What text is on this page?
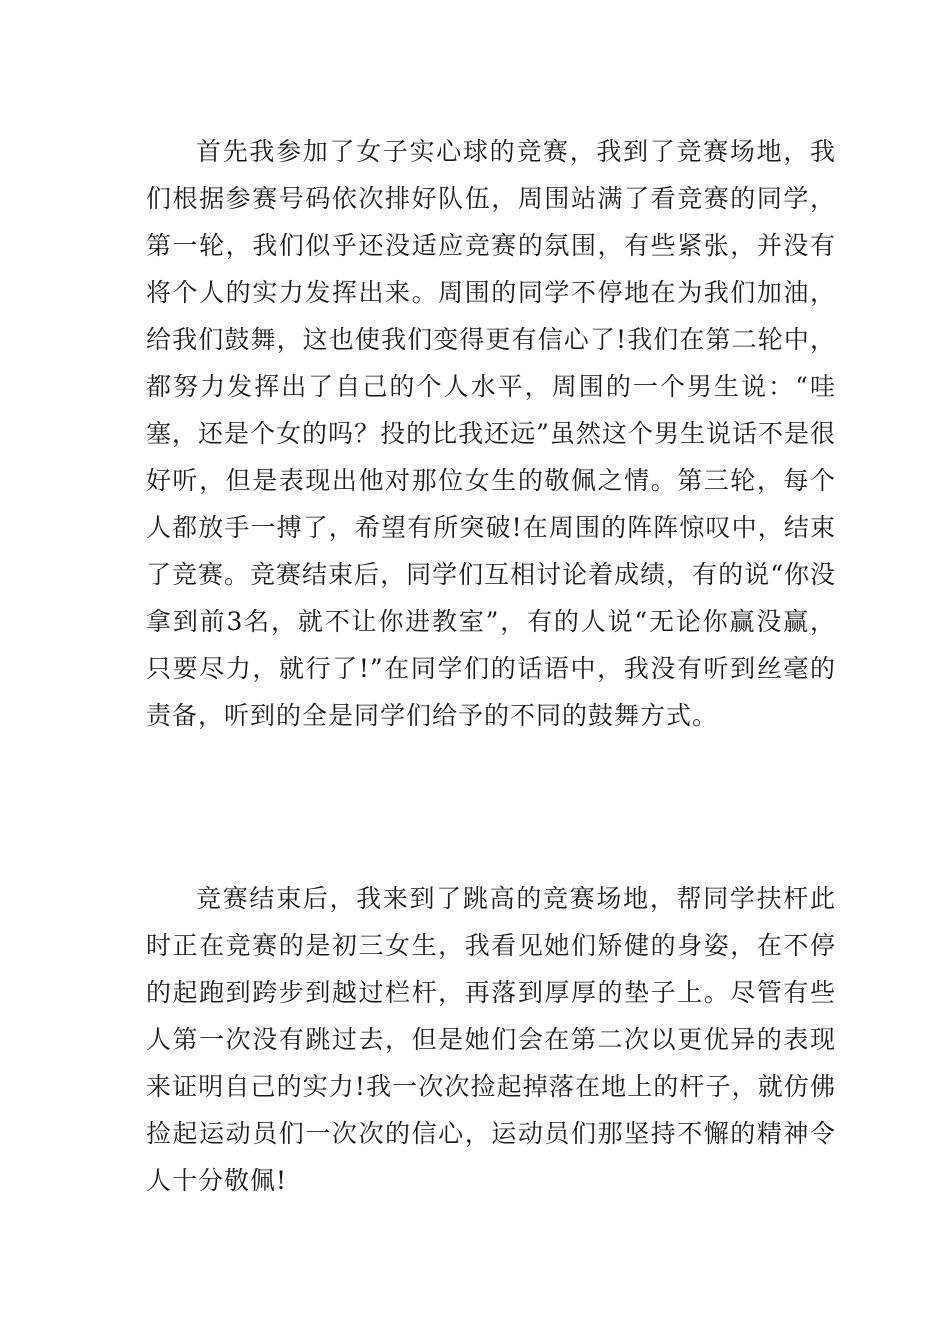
首先我参加了女子实心球的竞赛，我到了竞赛场地，我们根据参赛号码依次排好队伍，周围站满了看竞赛的同学，第一轮，我们似乎还没适应竞赛的氛围，有些紧张，并没有将个人的实力发挥出来。周围的同学不停地在为我们加油，给我们鼓舞，这也使我们变得更有信心了!我们在第二轮中，都努力发挥出了自己的个人水平，周围的一个男生说：“哇塞，还是个女的吗？投的比我还远”虽然这个男生说话不是很好听，但是表现出他对那位女生的敬佩之情。第三轮，每个人都放手一搏了，希望有所突破!在周围的阵阵惊叹中，结束了竞赛。竞赛结束后，同学们互相讨论着成绩，有的说“你没拿到前3名，就不让你进教室”，有的人说“无论你赢没赢，只要尽力，就行了!”在同学们的话语中，我没有听到丝毫的责备，听到的全是同学们给予的不同的鼓舞方式。

竞赛结束后，我来到了跳高的竞赛场地，帮同学扶杆此时正在竞赛的是初三女生，我看见她们矫健的身姿，在不停的起跑到跨步到越过栏杆，再落到厚厚的垫子上。尽管有些人第一次没有跳过去，但是她们会在第二次以更优异的表现来证明自己的实力!我一次次捡起掉落在地上的杆子，就仿佛捡起运动员们一次次的信心，运动员们那坚持不懈的精神令人十分敬佩!
